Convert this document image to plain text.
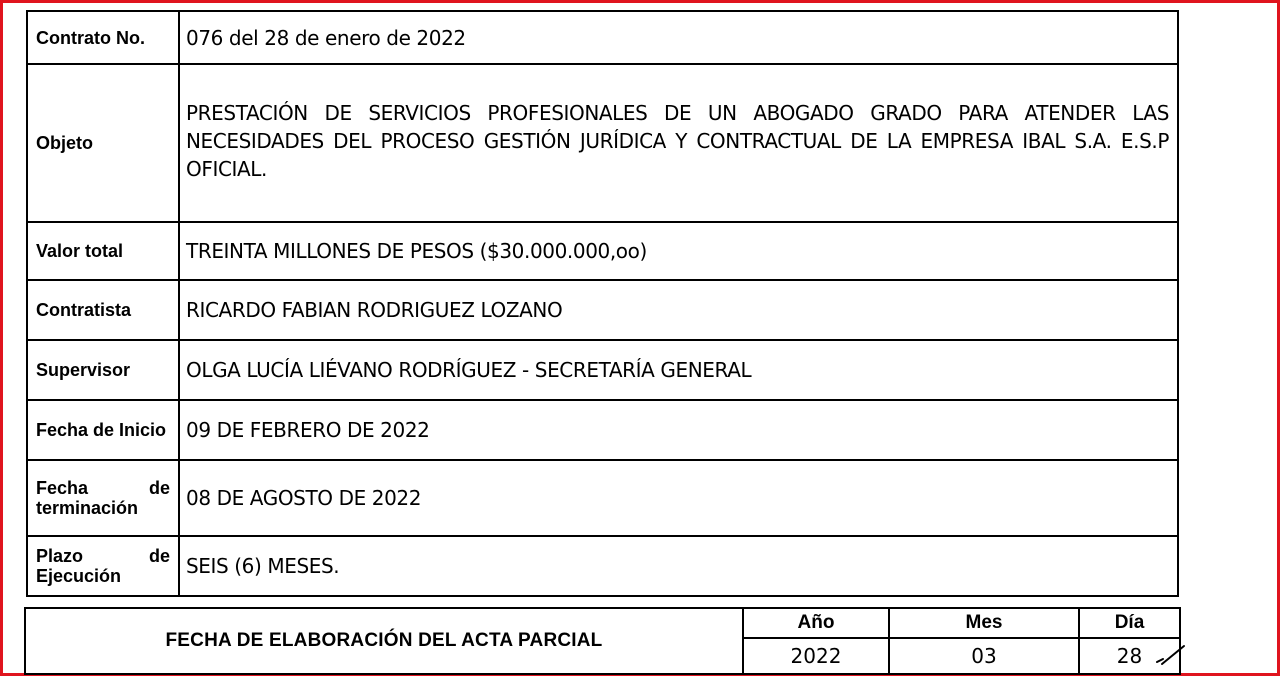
Contrato No.	076 del 28 de enero de 2022
Objeto	PRESTACIÓN DE SERVICIOS PROFESIONALES DE UN ABOGADO GRADO PARA ATENDER LAS NECESIDADES DEL PROCESO GESTIÓN JURÍDICA Y CONTRACTUAL DE LA EMPRESA IBAL S.A. E.S.P OFICIAL.
Valor total	TREINTA MILLONES DE PESOS ($30.000.000,oo)
Contratista	RICARDO FABIAN RODRIGUEZ LOZANO
Supervisor	OLGA LUCÍA LIÉVANO RODRÍGUEZ - SECRETARÍA GENERAL
Fecha de Inicio	09 DE FEBRERO DE 2022
Fecha de terminación	08 DE AGOSTO DE 2022
Plazo de Ejecución	SEIS (6) MESES.
FECHA DE ELABORACIÓN DEL ACTA PARCIAL	Año	Mes	Día
	2022	03	28
